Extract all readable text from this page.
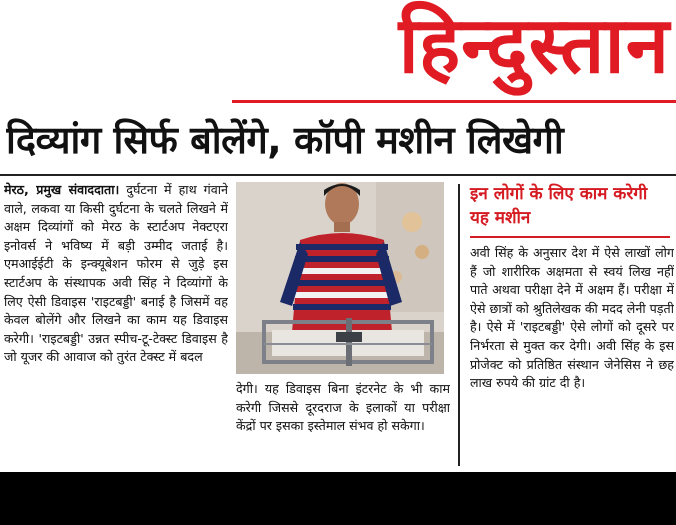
हिन्दुस्तान
दिव्यांग सिर्फ बोलेंगे, कॉपी मशीन लिखेगी
मेरठ, प्रमुख संवाददाता। दुर्घटना में हाथ गंवाने वाले, लकवा या किसी दुर्घटना के चलते लिखने में अक्षम दिव्यांगों को मेरठ के स्टार्टअप नेक्टएरा इनोवर्स ने भविष्य में बड़ी उम्मीद जताई है। एमआईईटी के इन्क्यूबेशन फोरम से जुड़े इस स्टार्टअप के संस्थापक अवी सिंह ने दिव्यांगों के लिए ऐसी डिवाइस 'राइटबड्डी' बनाई है जिसमें वह केवल बोलेंगे और लिखने का काम यह डिवाइस करेगी। 'राइटबड्डी' उन्नत स्पीच-टू-टेक्स्ट डिवाइस है जो यूजर की आवाज को तुरंत टेक्स्ट में बदल
देगी। यह डिवाइस बिना इंटरनेट के भी काम करेगी जिससे दूरदराज के इलाकों या परीक्षा केंद्रों पर इसका इस्तेमाल संभव हो सकेगा।
इन लोगों के लिए काम करेगी यह मशीन
अवी सिंह के अनुसार देश में ऐसे लाखों लोग हैं जो शारीरिक अक्षमता से स्वयं लिख नहीं पाते अथवा परीक्षा देने में अक्षम हैं। परीक्षा में ऐसे छात्रों को श्रुतिलेखक की मदद लेनी पड़ती है। ऐसे में 'राइटबड्डी' ऐसे लोगों को दूसरे पर निर्भरता से मुक्त कर देगी। अवी सिंह के इस प्रोजेक्ट को प्रतिष्ठित संस्थान जेनेसिस ने छह लाख रुपये की ग्रांट दी है।
